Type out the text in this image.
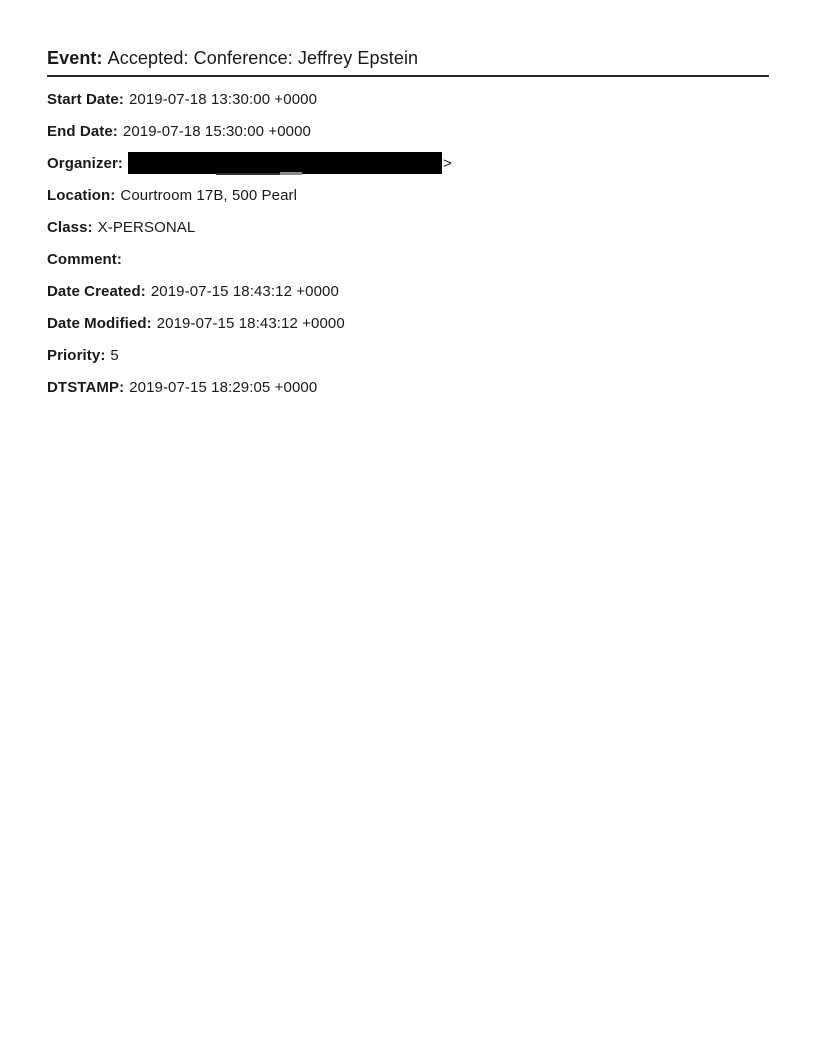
Event: Accepted: Conference: Jeffrey Epstein
Start Date: 2019-07-18 13:30:00 +0000
End Date: 2019-07-18 15:30:00 +0000
Organizer:	>
Location: Courtroom 17B, 500 Pearl
Class: X-PERSONAL
Comment:
Date Created: 2019-07-15 18:43:12 +0000
Date Modified: 2019-07-15 18:43:12 +0000
Priority: 5
DTSTAMP: 2019-07-15 18:29:05 +0000
